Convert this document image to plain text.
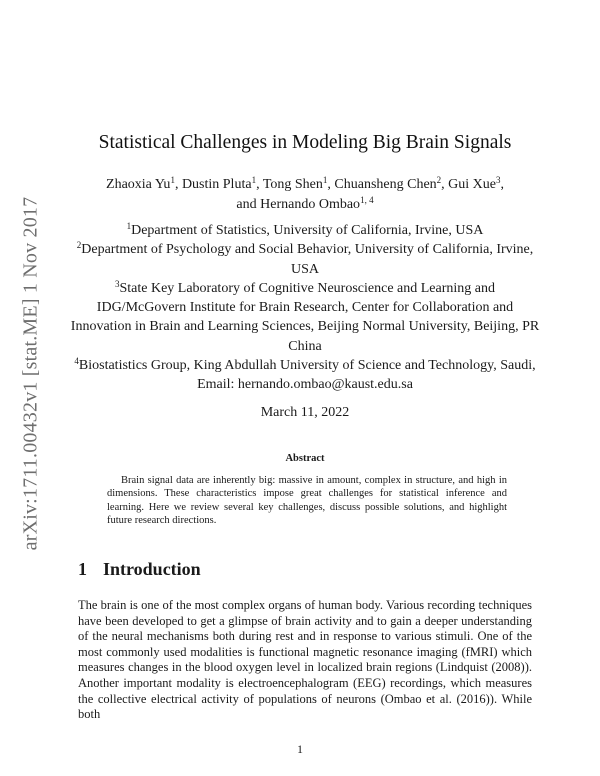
arXiv:1711.00432v1 [stat.ME] 1 Nov 2017
Statistical Challenges in Modeling Big Brain Signals
Zhaoxia Yu$^1$, Dustin Pluta$^1$, Tong Shen$^1$, Chuansheng Chen$^2$, Gui Xue$^3$,
and Hernando Ombao$^{1, 4}$

$^1$Department of Statistics, University of California, Irvine, USA

$^2$Department of Psychology and Social Behavior, University of California, Irvine, USA

$^3$State Key Laboratory of Cognitive Neuroscience and Learning and IDG/McGovern Institute for Brain Research, Center for Collaboration and Innovation in Brain and Learning Sciences, Beijing Normal University, Beijing, PR China

$^4$Biostatistics Group, King Abdullah University of Science and Technology, Saudi, Email: hernando.ombao@kaust.edu.sa

March 11, 2022
Abstract
Brain signal data are inherently big: massive in amount, complex in structure, and high in dimensions. These characteristics impose great challenges for statistical inference and learning. Here we review several key challenges, discuss possible solutions, and highlight future research directions.
1 Introduction
The brain is one of the most complex organs of human body. Various recording techniques have been developed to get a glimpse of brain activity and to gain a deeper understanding of the neural mechanisms both during rest and in response to various stimuli. One of the most commonly used modalities is functional magnetic resonance imaging (fMRI) which measures changes in the blood oxygen level in localized brain regions (Lindquist (2008)). Another important modality is electroencephalogram (EEG) recordings, which measures the collective electrical activity of populations of neurons (Ombao et al. (2016)). While both
1
